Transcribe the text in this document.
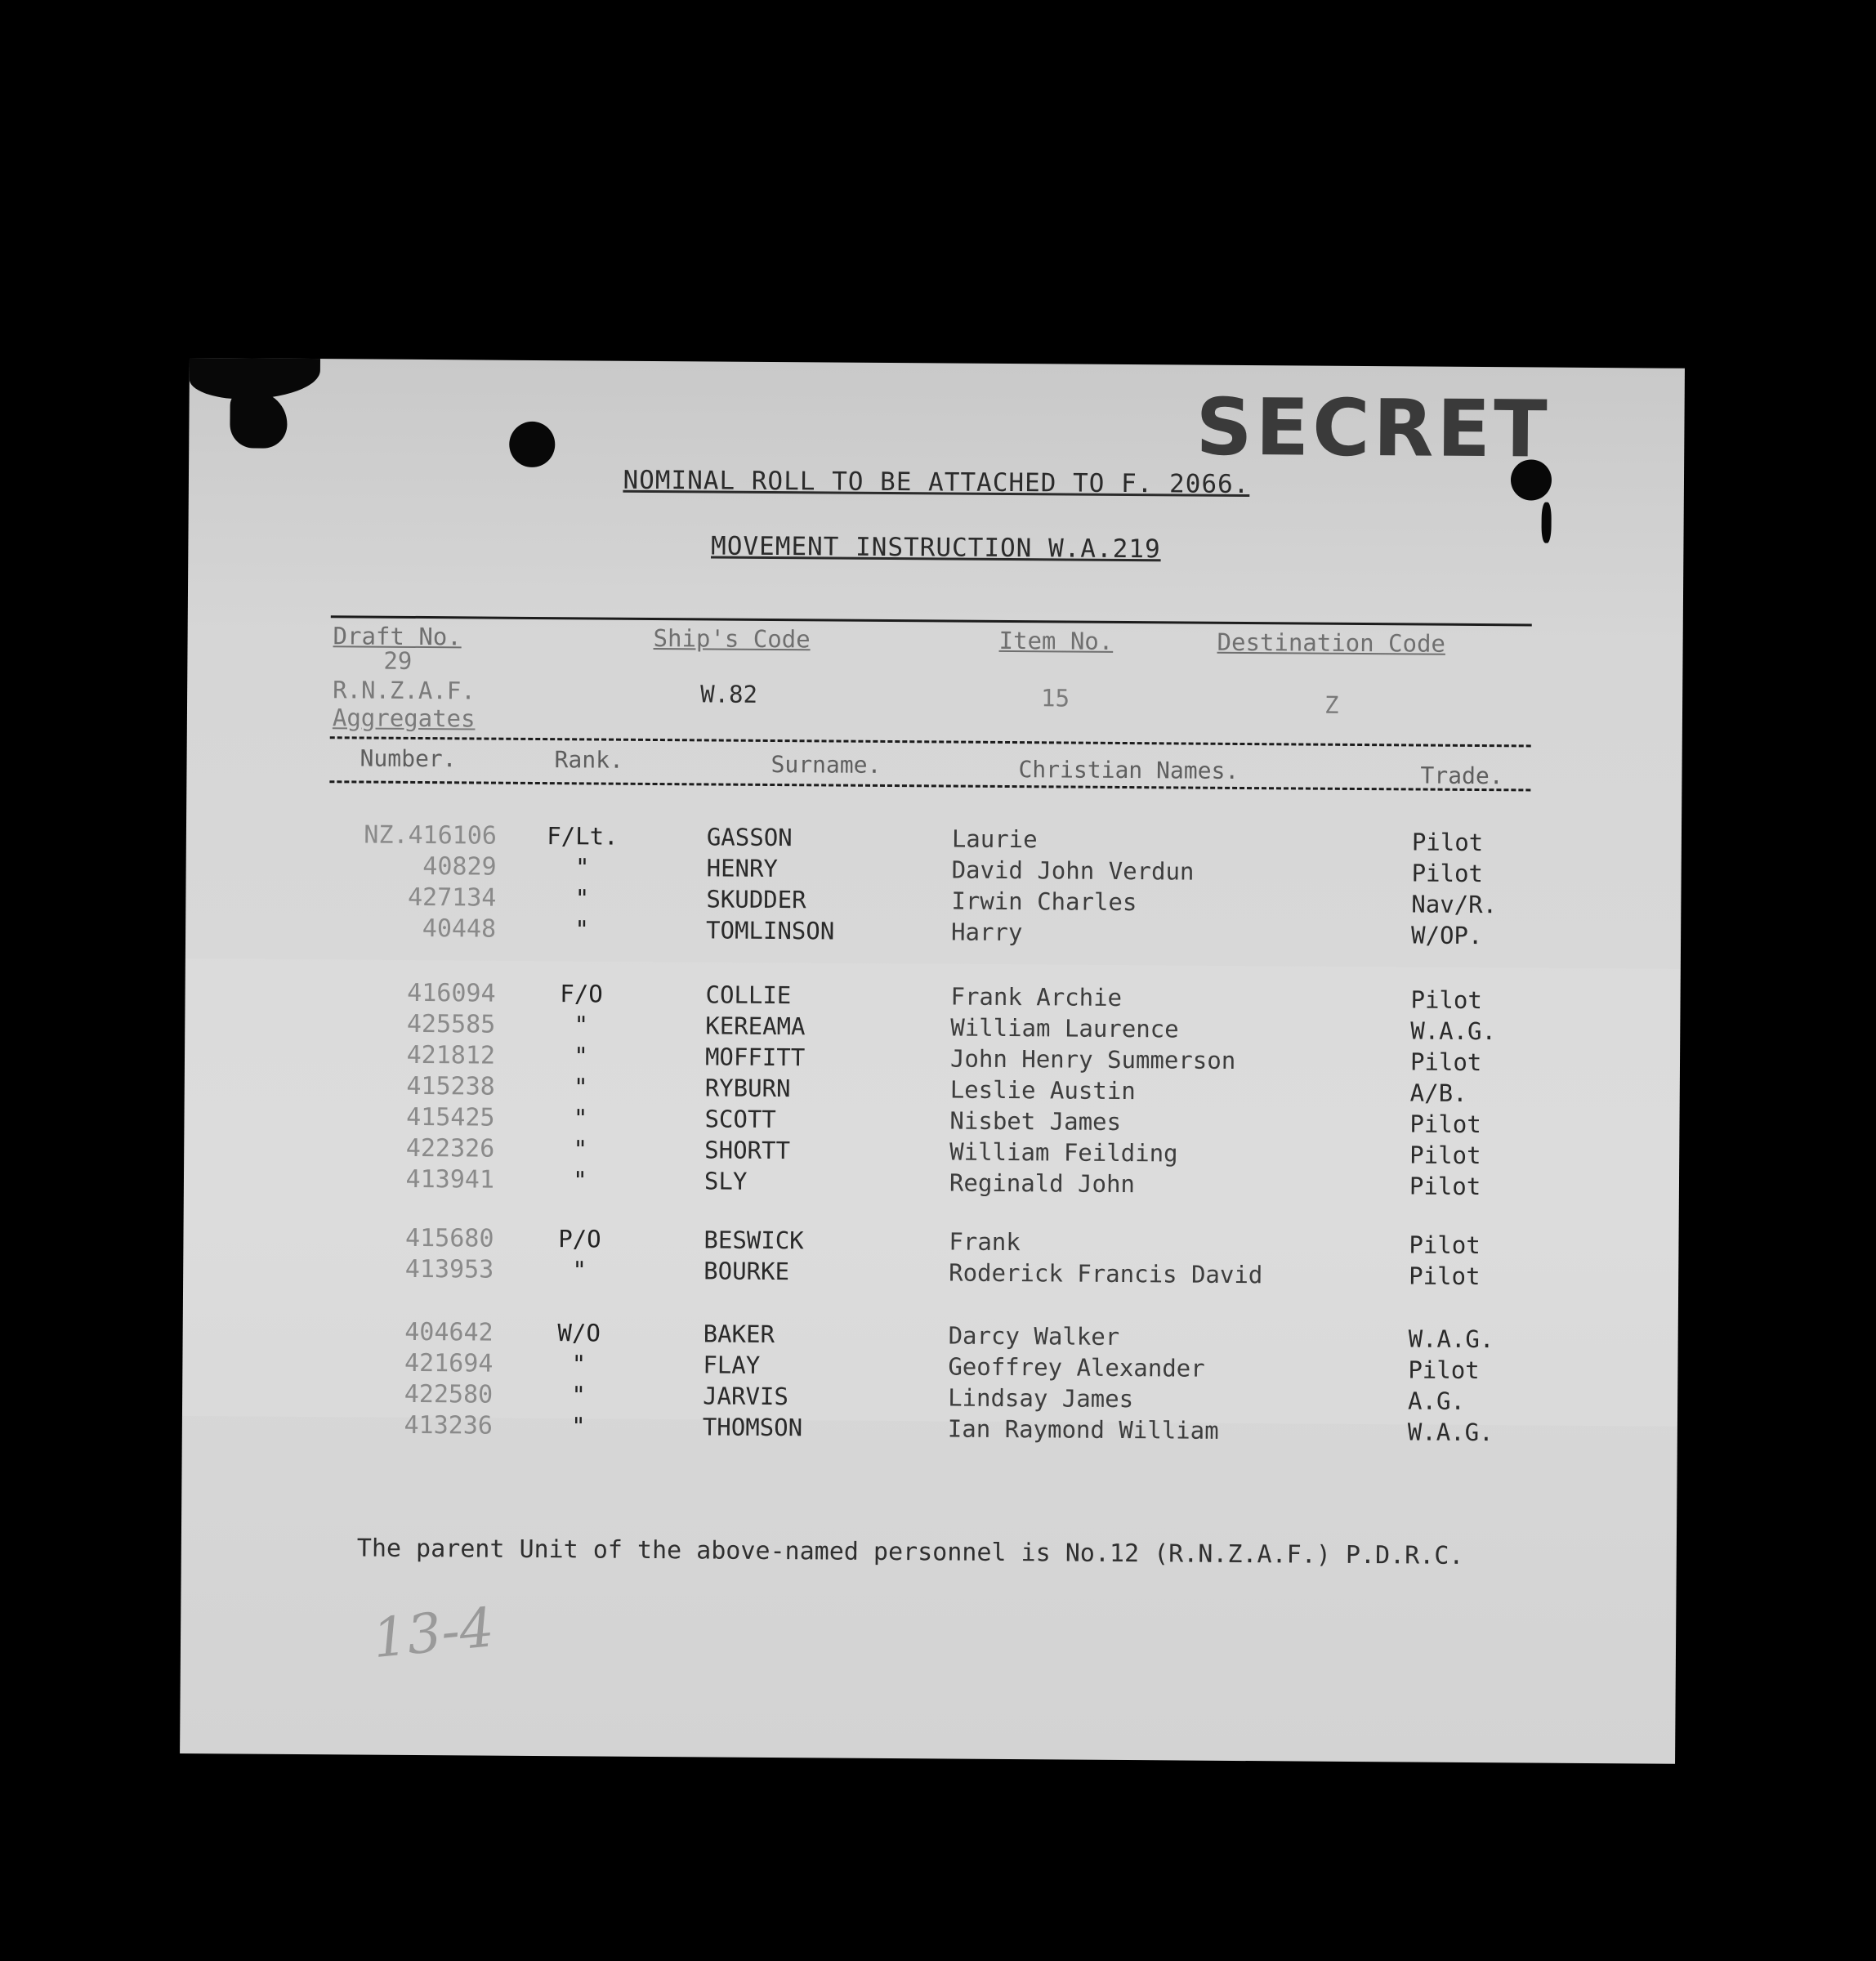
SECRET
NOMINAL ROLL TO BE ATTACHED TO F. 2066.
MOVEMENT INSTRUCTION W.A.219
Draft No.	Ship's Code	Item No.	Destination Code
29
R.N.Z.A.F.
Aggregates
W.82	15	Z
Number.	Rank.	Surname.	Christian Names.	Trade.
NZ.416106 F/Lt.	GASSON	Laurie	Pilot
40829	"	HENRY	David John Verdun	Pilot
427134	"	SKUDDER	Irwin Charles	Nav/R.
40448	"	TOMLINSON	Harry	W/OP.
416094	F/O	COLLIE	Frank Archie	Pilot
425585	"	KEREAMA	William Laurence	W.A.G.
421812	"	MOFFITT	John Henry Summerson	Pilot
415238	"	RYBURN	Leslie Austin	A/B.
415425	"	SCOTT	Nisbet James	Pilot
422326	"	SHORTT	William Feilding	Pilot
413941	"	SLY	Reginald John	Pilot
415680	P/O	BESWICK	Frank	Pilot
413953	"	BOURKE	Roderick Francis David	Pilot
404642	W/O	BAKER	Darcy Walker	W.A.G.
421694	"	FLAY	Geoffrey Alexander	Pilot
422580	"	JARVIS	Lindsay James	A.G.
413236	"	THOMSON	Ian Raymond William	W.A.G.
The parent Unit of the above-named personnel is No.12 (R.N.Z.A.F.) P.D.R.C.
13-4
